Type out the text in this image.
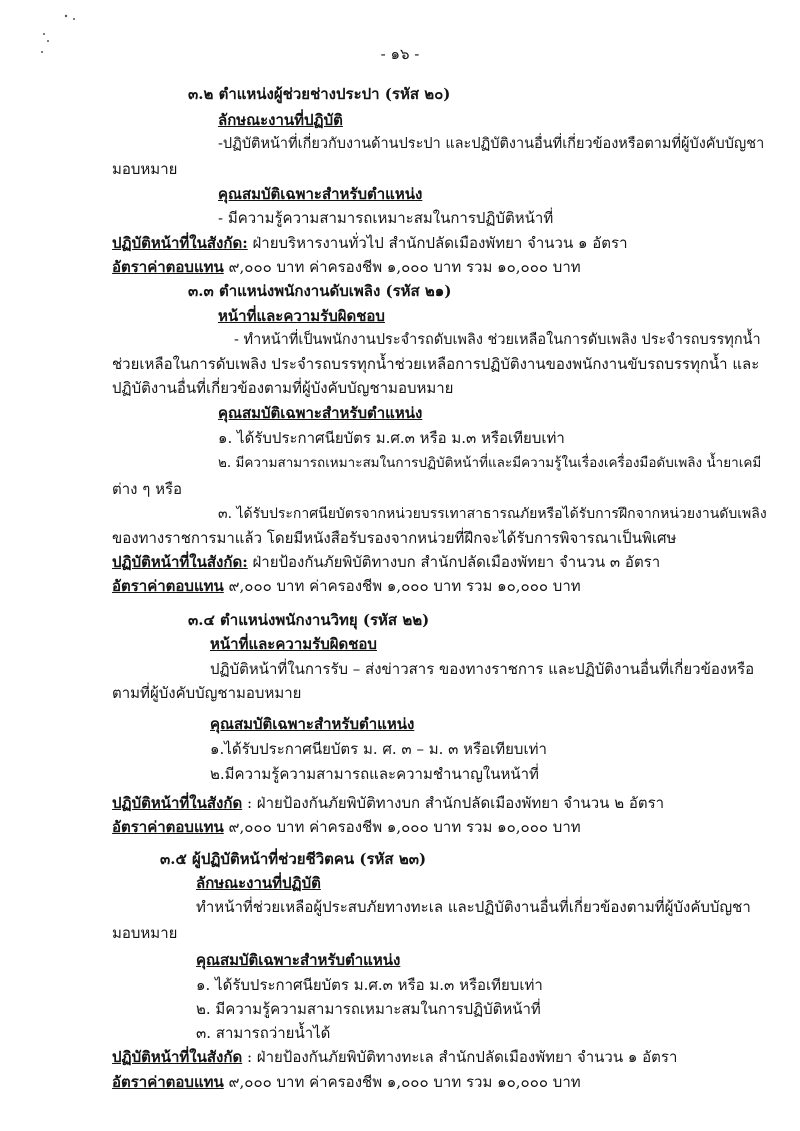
- ๑๖ -
๓.๒ ตำแหน่งผู้ช่วยช่างประปา (รหัส ๒๐)
ลักษณะงานที่ปฏิบัติ
-ปฏิบัติหน้าที่เกี่ยวกับงานด้านประปา และปฏิบัติงานอื่นที่เกี่ยวข้องหรือตามที่ผู้บังคับบัญชา
มอบหมาย
คุณสมบัติเฉพาะสำหรับตำแหน่ง
- มีความรู้ความสามารถเหมาะสมในการปฏิบัติหน้าที่
ปฏิบัติหน้าที่ในสังกัด: ฝ่ายบริหารงานทั่วไป สำนักปลัดเมืองพัทยา จำนวน ๑ อัตรา
อัตราค่าตอบแทน ๙,๐๐๐ บาท ค่าครองชีพ ๑,๐๐๐ บาท รวม ๑๐,๐๐๐ บาท
๓.๓ ตำแหน่งพนักงานดับเพลิง (รหัส ๒๑)
หน้าที่และความรับผิดชอบ
- ทำหน้าที่เป็นพนักงานประจำรถดับเพลิง ช่วยเหลือในการดับเพลิง ประจำรถบรรทุกน้ำ
ช่วยเหลือในการดับเพลิง ประจำรถบรรทุกน้ำช่วยเหลือการปฏิบัติงานของพนักงานขับรถบรรทุกน้ำ และ
ปฏิบัติงานอื่นที่เกี่ยวข้องตามที่ผู้บังคับบัญชามอบหมาย
คุณสมบัติเฉพาะสำหรับตำแหน่ง
๑. ได้รับประกาศนียบัตร ม.ศ.๓ หรือ ม.๓ หรือเทียบเท่า
๒. มีความสามารถเหมาะสมในการปฏิบัติหน้าที่และมีความรู้ในเรื่องเครื่องมือดับเพลิง น้ำยาเคมี
ต่าง ๆ หรือ
๓. ได้รับประกาศนียบัตรจากหน่วยบรรเทาสาธารณภัยหรือได้รับการฝึกจากหน่วยงานดับเพลิง
ของทางราชการมาแล้ว โดยมีหนังสือรับรองจากหน่วยที่ฝึกจะได้รับการพิจารณาเป็นพิเศษ
ปฏิบัติหน้าที่ในสังกัด: ฝ่ายป้องกันภัยพิบัติทางบก สำนักปลัดเมืองพัทยา จำนวน ๓ อัตรา
อัตราค่าตอบแทน ๙,๐๐๐ บาท ค่าครองชีพ ๑,๐๐๐ บาท รวม ๑๐,๐๐๐ บาท
๓.๔ ตำแหน่งพนักงานวิทยุ (รหัส ๒๒)
หน้าที่และความรับผิดชอบ
ปฏิบัติหน้าที่ในการรับ – ส่งข่าวสาร ของทางราชการ และปฏิบัติงานอื่นที่เกี่ยวข้องหรือ
ตามที่ผู้บังคับบัญชามอบหมาย
คุณสมบัติเฉพาะสำหรับตำแหน่ง
๑.ได้รับประกาศนียบัตร ม. ศ. ๓ – ม. ๓ หรือเทียบเท่า
๒.มีความรู้ความสามารถและความชำนาญในหน้าที่
ปฏิบัติหน้าที่ในสังกัด : ฝ่ายป้องกันภัยพิบัติทางบก สำนักปลัดเมืองพัทยา จำนวน ๒ อัตรา
อัตราค่าตอบแทน ๙,๐๐๐ บาท ค่าครองชีพ ๑,๐๐๐ บาท รวม ๑๐,๐๐๐ บาท
๓.๕ ผู้ปฏิบัติหน้าที่ช่วยชีวิตคน (รหัส ๒๓)
ลักษณะงานที่ปฏิบัติ
ทำหน้าที่ช่วยเหลือผู้ประสบภัยทางทะเล และปฏิบัติงานอื่นที่เกี่ยวข้องตามที่ผู้บังคับบัญชา
มอบหมาย
คุณสมบัติเฉพาะสำหรับตำแหน่ง
๑. ได้รับประกาศนียบัตร ม.ศ.๓ หรือ ม.๓ หรือเทียบเท่า
๒. มีความรู้ความสามารถเหมาะสมในการปฏิบัติหน้าที่
๓. สามารถว่ายน้ำได้
ปฏิบัติหน้าที่ในสังกัด : ฝ่ายป้องกันภัยพิบัติทางทะเล สำนักปลัดเมืองพัทยา จำนวน ๑ อัตรา
อัตราค่าตอบแทน ๙,๐๐๐ บาท ค่าครองชีพ ๑,๐๐๐ บาท รวม ๑๐,๐๐๐ บาท
